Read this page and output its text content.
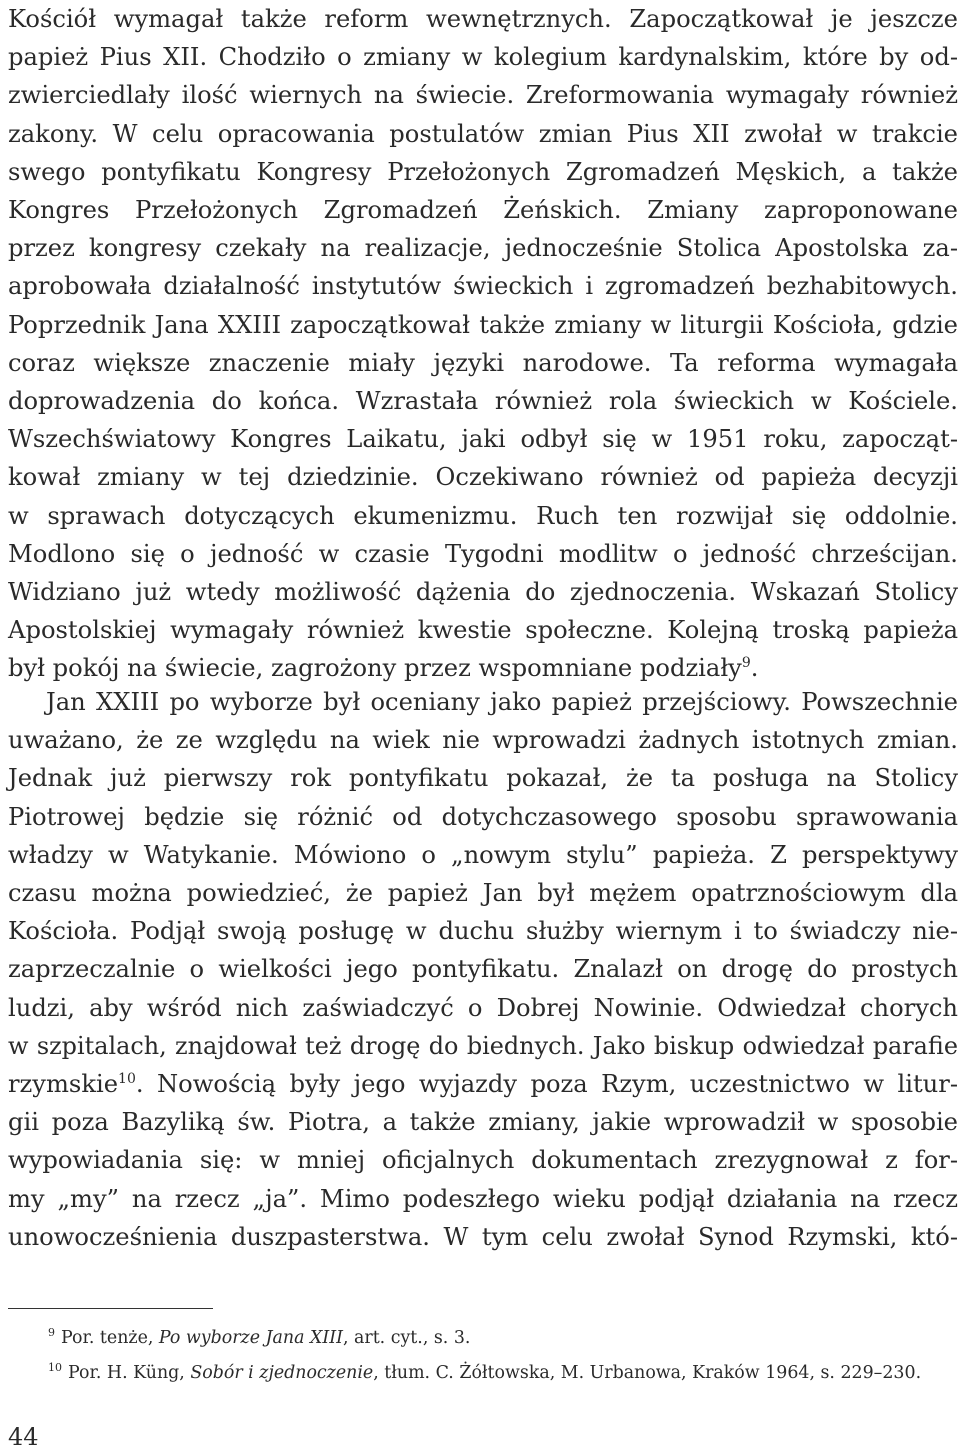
Kościół wymagał także reform wewnętrznych. Zapoczątkował je jeszcze
papież Pius XII. Chodziło o zmiany w kolegium kardynalskim, które by od-
zwierciedlały ilość wiernych na świecie. Zreformowania wymagały również
zakony. W celu opracowania postulatów zmian Pius XII zwołał w trakcie
swego pontyfikatu Kongresy Przełożonych Zgromadzeń Męskich, a także
Kongres Przełożonych Zgromadzeń Żeńskich. Zmiany zaproponowane
przez kongresy czekały na realizacje, jednocześnie Stolica Apostolska za-
aprobowała działalność instytutów świeckich i zgromadzeń bezhabitowych.
Poprzednik Jana XXIII zapoczątkował także zmiany w liturgii Kościoła, gdzie
coraz większe znaczenie miały języki narodowe. Ta reforma wymagała
doprowadzenia do końca. Wzrastała również rola świeckich w Kościele.
Wszechświatowy Kongres Laikatu, jaki odbył się w 1951 roku, zapocząt-
kował zmiany w tej dziedzinie. Oczekiwano również od papieża decyzji
w sprawach dotyczących ekumenizmu. Ruch ten rozwijał się oddolnie.
Modlono się o jedność w czasie Tygodni modlitw o jedność chrześcijan.
Widziano już wtedy możliwość dążenia do zjednoczenia. Wskazań Stolicy
Apostolskiej wymagały również kwestie społeczne. Kolejną troską papieża
był pokój na świecie, zagrożony przez wspomniane podziały$^9$.
Jan XXIII po wyborze był oceniany jako papież przejściowy. Powszechnie
uważano, że ze względu na wiek nie wprowadzi żadnych istotnych zmian.
Jednak już pierwszy rok pontyfikatu pokazał, że ta posługa na Stolicy
Piotrowej będzie się różnić od dotychczasowego sposobu sprawowania
władzy w Watykanie. Mówiono o „nowym stylu” papieża. Z perspektywy
czasu można powiedzieć, że papież Jan był mężem opatrznościowym dla
Kościoła. Podjął swoją posługę w duchu służby wiernym i to świadczy nie-
zaprzeczalnie o wielkości jego pontyfikatu. Znalazł on drogę do prostych
ludzi, aby wśród nich zaświadczyć o Dobrej Nowinie. Odwiedzał chorych
w szpitalach, znajdował też drogę do biednych. Jako biskup odwiedzał parafie
rzymskie$^{10}$. Nowością były jego wyjazdy poza Rzym, uczestnictwo w litur-
gii poza Bazyliką św. Piotra, a także zmiany, jakie wprowadził w sposobie
wypowiadania się: w mniej oficjalnych dokumentach zrezygnował z for-
my „my” na rzecz „ja”. Mimo podeszłego wieku podjął działania na rzecz
unowocześnienia duszpasterstwa. W tym celu zwołał Synod Rzymski, któ-
$^9$ Por. tenże, Po wyborze Jana XIII, art. cyt., s. 3.
$^{10}$ Por. H. Küng, Sobór i zjednoczenie, tłum. C. Żółtowska, M. Urbanowa, Kraków 1964, s. 229–230.
44
